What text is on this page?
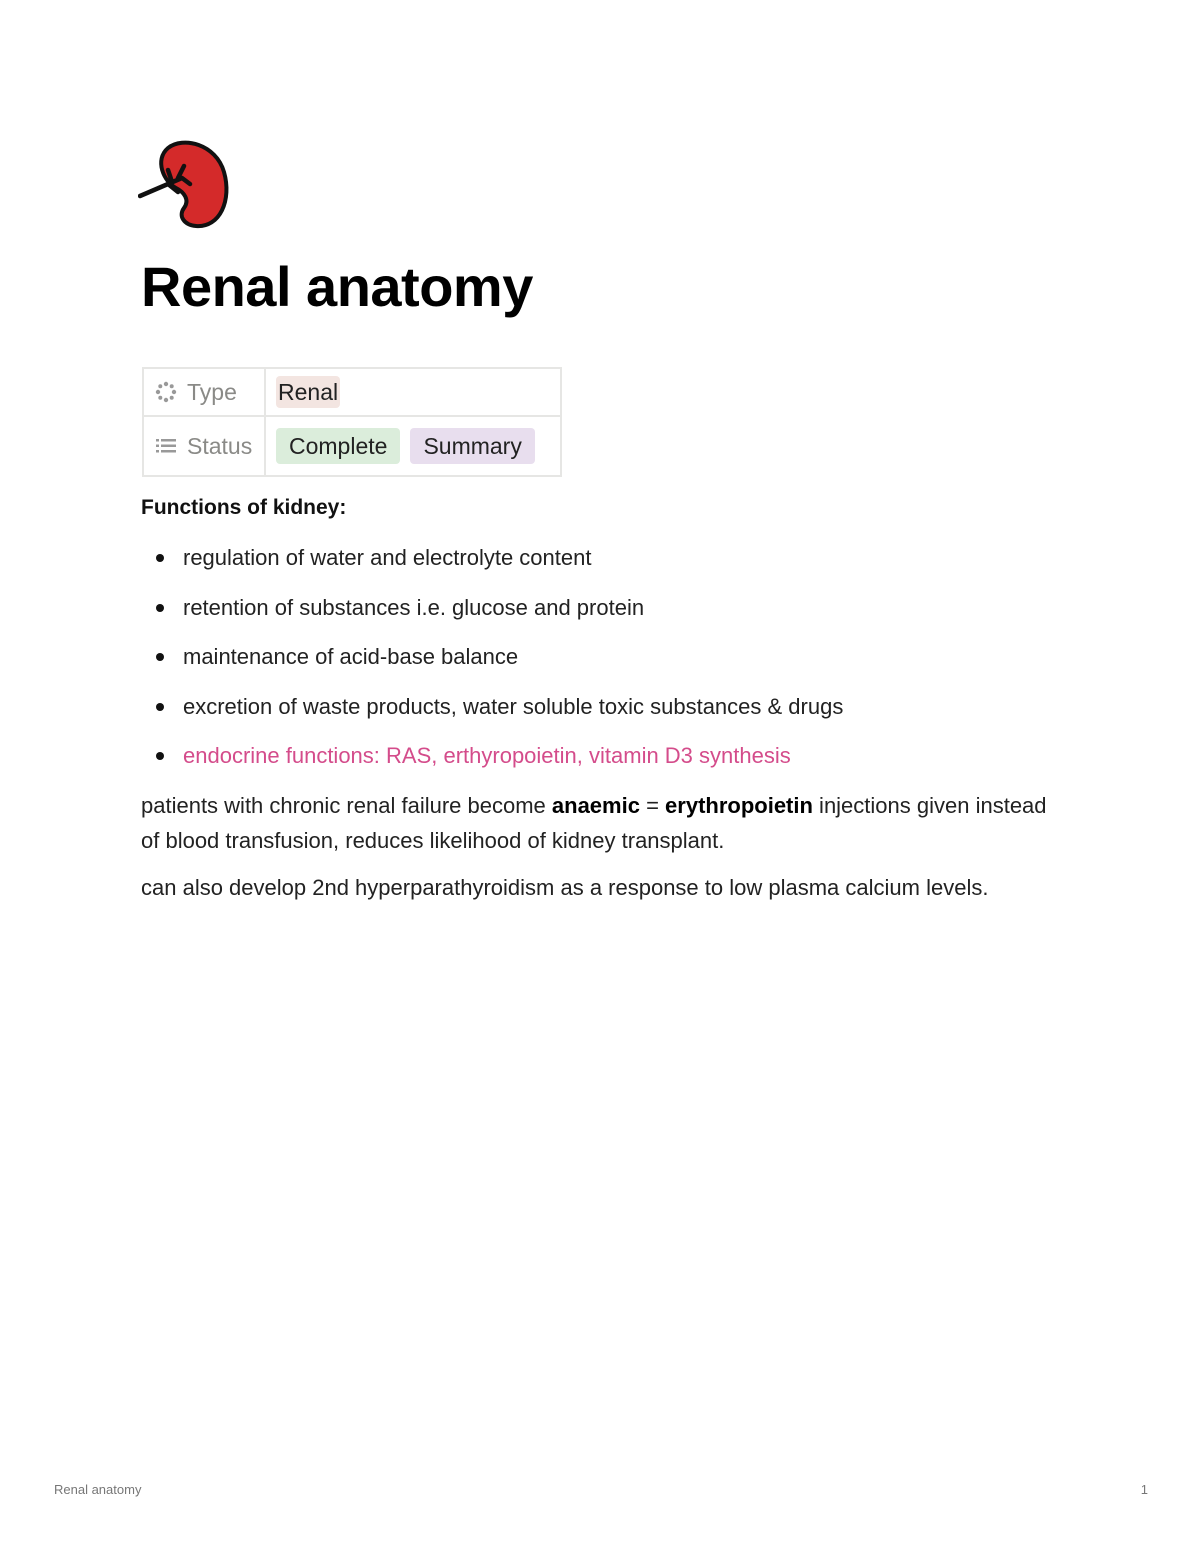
Renal anatomy
Type	Renal

Status	Complete Summary
Functions of kidney:
regulation of water and electrolyte content
retention of substances i.e. glucose and protein
maintenance of acid-base balance
excretion of waste products, water soluble toxic substances & drugs
endocrine functions: RAS, erthyropoietin, vitamin D3 synthesis

patients with chronic renal failure become anaemic = erythropoietin injections given instead of blood transfusion, reduces likelihood of kidney transplant.

can also develop 2nd hyperparathyroidism as a response to low plasma calcium levels.

Renal anatomy	1
